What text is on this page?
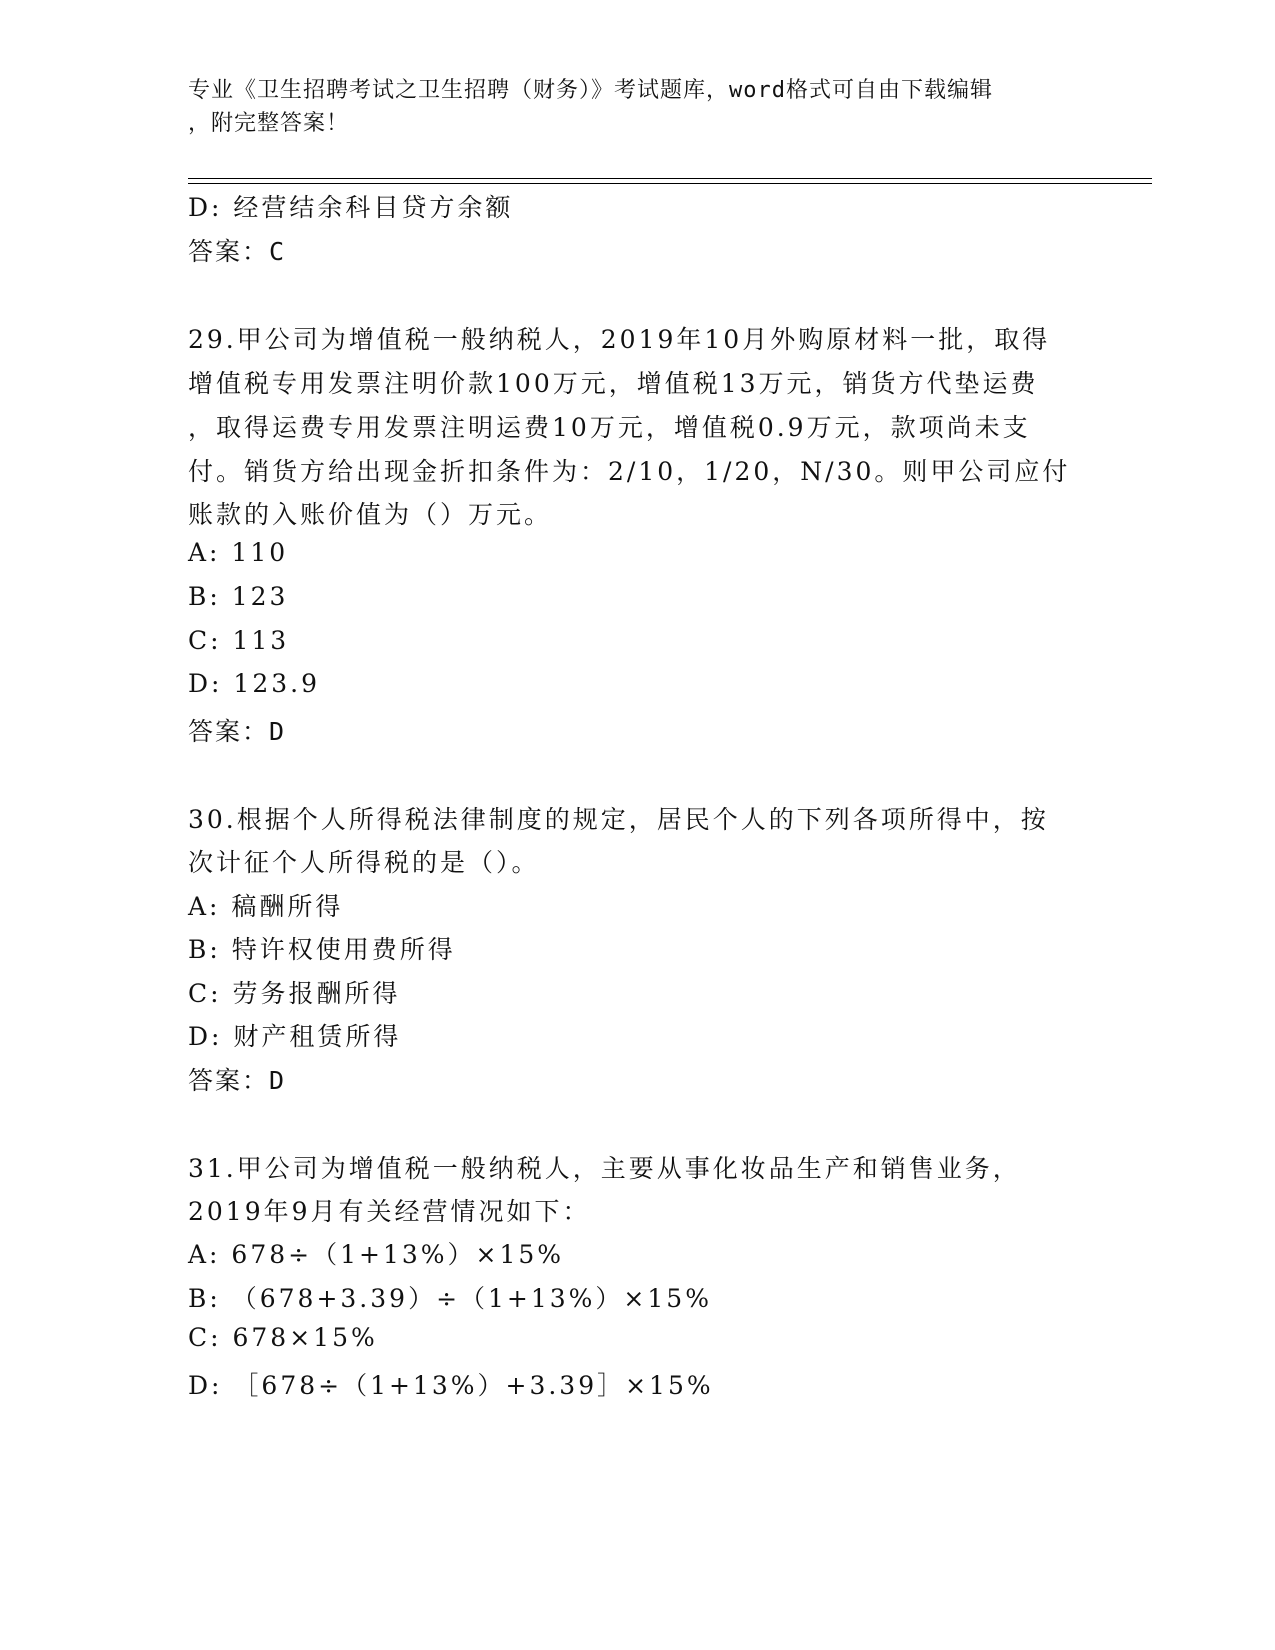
专业《卫生招聘考试之卫生招聘（财务）》考试题库，word格式可自由下载编辑
，附完整答案！
D: 经营结余科目贷方余额
答案：C
29.甲公司为增值税一般纳税人，2019年10月外购原材料一批，取得
增值税专用发票注明价款100万元，增值税13万元，销货方代垫运费
，取得运费专用发票注明运费10万元，增值税0.9万元，款项尚未支
付。销货方给出现金折扣条件为：2/10，1/20，N/30。则甲公司应付
账款的入账价值为（）万元。
A: 110
B: 123
C: 113
D: 123.9
答案：D
30.根据个人所得税法律制度的规定，居民个人的下列各项所得中，按
次计征个人所得税的是（）。
A: 稿酬所得
B: 特许权使用费所得
C: 劳务报酬所得
D: 财产租赁所得
答案：D
31.甲公司为增值税一般纳税人，主要从事化妆品生产和销售业务，
2019年9月有关经营情况如下：
A: 678÷（1+13%）×15%
B: （678+3.39）÷（1+13%）×15%
C: 678×15%
D: ［678÷（1+13%）+3.39］×15%
